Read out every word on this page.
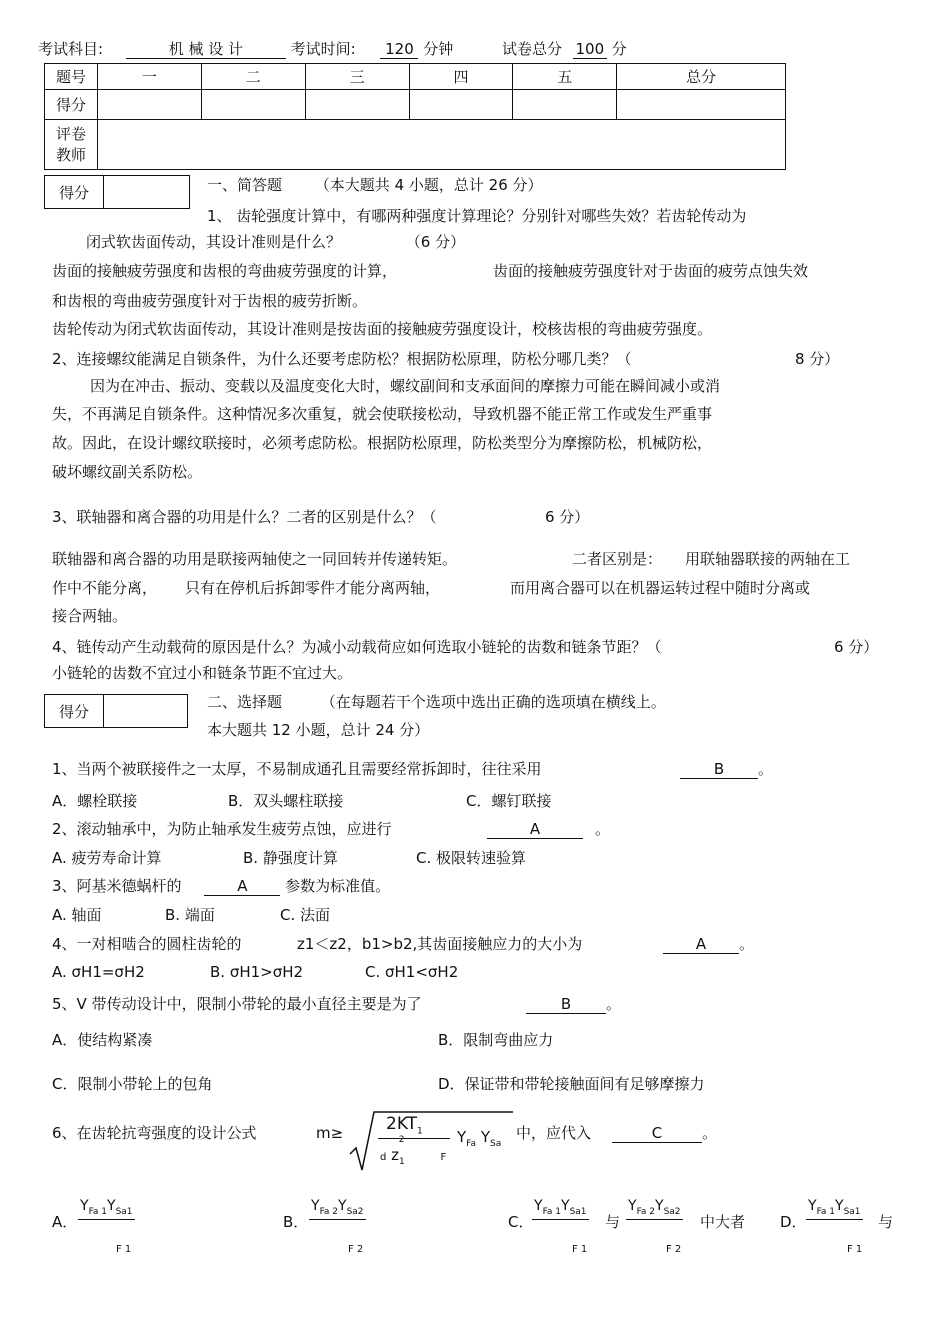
考试科目:	机 械 设 计	考试时间: 120 分钟	试卷总分 100 分
题号	一	二	三	四	五	总分
得分						
评卷教师						
得分	一、简答题 （本大题共 4 小题，总计 26 分）
1、 齿轮强度计算中，有哪两种强度计算理论？分别针对哪些失效？若齿轮传动为
闭式软齿面传动，其设计准则是什么？	（6 分）
齿面的接触疲劳强度和齿根的弯曲疲劳强度的计算，	齿面的接触疲劳强度针对于齿面的疲劳点蚀失效
和齿根的弯曲疲劳强度针对于齿根的疲劳折断。
齿轮传动为闭式软齿面传动，其设计准则是按齿面的接触疲劳强度设计，校核齿根的弯曲疲劳强度。
2、连接螺纹能满足自锁条件，为什么还要考虑防松？根据防松原理，防松分哪几类？（	8 分）
因为在冲击、振动、变载以及温度变化大时，螺纹副间和支承面间的摩擦力可能在瞬间减小或消
失，不再满足自锁条件。这种情况多次重复，就会使联接松动，导致机器不能正常工作或发生严重事
故。因此，在设计螺纹联接时，必须考虑防松。根据防松原理，防松类型分为摩擦防松，机械防松，
破坏螺纹副关系防松。
3、联轴器和离合器的功用是什么？二者的区别是什么？（	6 分）
联轴器和离合器的功用是联接两轴使之一同回转并传递转矩。	二者区别是： 用联轴器联接的两轴在工
作中不能分离， 只有在停机后拆卸零件才能分离两轴，	而用离合器可以在机器运转过程中随时分离或
接合两轴。
4、链传动产生动载荷的原因是什么？为减小动载荷应如何选取小链轮的齿数和链条节距？（	6 分）
小链轮的齿数不宜过小和链条节距不宜过大。
得分
二、选择题	（在每题若干个选项中选出正确的选项填在横线上。
本大题共 12 小题，总计 24 分）
1、当两个被联接件之一太厚，不易制成通孔且需要经常拆卸时，往往采用	B 。
A．螺栓联接	B．双头螺柱联接	C．螺钉联接
2、滚动轴承中，为防止轴承发生疲劳点蚀，应进行	A	。
A. 疲劳寿命计算	B. 静强度计算	C. 极限转速验算
3、阿基米德蜗杆的	A	参数为标准值。
A. 轴面	B. 端面	C. 法面
4、一对相啮合的圆柱齿轮的	z1＜z2，b1>b2,其齿面接触应力的大小为	A 。
A. σH1=σH2	B. σH1>σH2	C. σH1<σH2
5、V 带传动设计中，限制小带轮的最小直径主要是为了	B 。
A．使结构紧凑	B．限制弯曲应力
C．限制小带轮上的包角	D．保证带和带轮接触面间有足够摩擦力
6、在齿轮抗弯强度的设计公式	m≥	$2KT_1$
d $z_1^2F$
$Y_{Fa}$ $Y_{Sa}$
中，应代入	C	。
A．
$Y_{Fa 1}Y_{Sa1}$
F 1
B．
$Y_{Fa 2}Y_{Sa2}$
F 2
C．
$Y_{Fa 1}Y_{Sa1}$
F 1
与
$Y_{Fa 2}Y_{Sa2}$
F 2
中大者 D．
$Y_{Fa 1}Y_{Sa1}$
F 1
与
